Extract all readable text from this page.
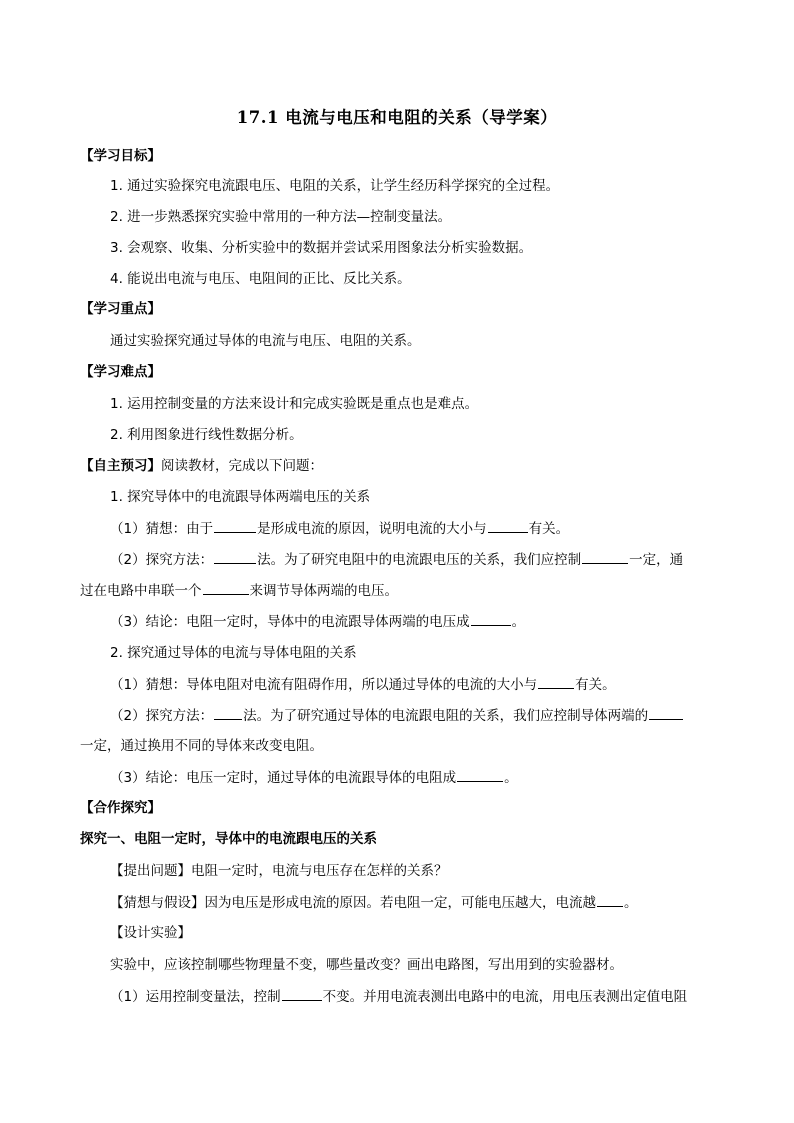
17.1 电流与电压和电阻的关系（导学案）
【学习目标】
1. 通过实验探究电流跟电压、电阻的关系，让学生经历科学探究的全过程。
2. 进一步熟悉探究实验中常用的一种方法—控制变量法。
3. 会观察、收集、分析实验中的数据并尝试采用图象法分析实验数据。
4. 能说出电流与电压、电阻间的正比、反比关系。
【学习重点】
通过实验探究通过导体的电流与电压、电阻的关系。
【学习难点】
1. 运用控制变量的方法来设计和完成实验既是重点也是难点。
2. 利用图象进行线性数据分析。
【自主预习】阅读教材，完成以下问题：
1. 探究导体中的电流跟导体两端电压的关系
（1）猜想：由于	是形成电流的原因，说明电流的大小与	有关。
（2）探究方法：	法。为了研究电阻中的电流跟电压的关系，我们应控制	一定，通
过在电路中串联一个	来调节导体两端的电压。
（3）结论：电阻一定时，导体中的电流跟导体两端的电压成	。
2. 探究通过导体的电流与导体电阻的关系
（1）猜想：导体电阻对电流有阻碍作用，所以通过导体的电流的大小与	有关。
（2）探究方法： 法。为了研究通过导体的电流跟电阻的关系，我们应控制导体两端的
一定，通过换用不同的导体来改变电阻。
（3）结论：电压一定时，通过导体的电流跟导体的电阻成	。
【合作探究】
探究一、电阻一定时，导体中的电流跟电压的关系
【提出问题】电阻一定时，电流与电压存在怎样的关系？
【猜想与假设】因为电压是形成电流的原因。若电阻一定，可能电压越大，电流越 。
【设计实验】
实验中，应该控制哪些物理量不变，哪些量改变？画出电路图，写出用到的实验器材。
（1）运用控制变量法，控制	不变。并用电流表测出电路中的电流，用电压表测出定值电阻
